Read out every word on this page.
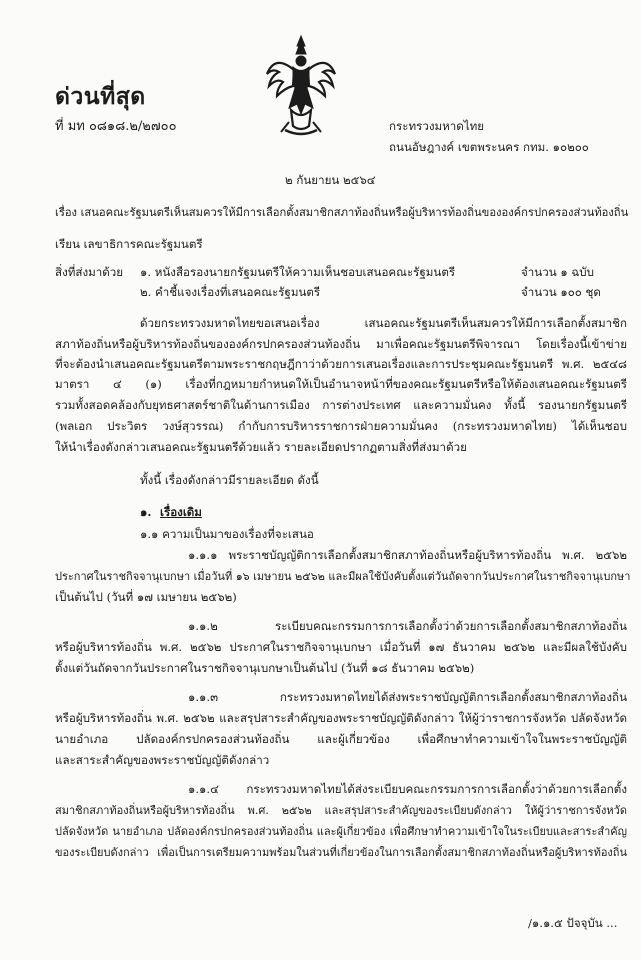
ด่วนที่สุด
ที่ มท ๐๘๑๘.๒/๒๗๐๐	กระทรวงมหาดไทย
ถนนอัษฎางค์ เขตพระนคร กทม. ๑๐๒๐๐
๒ กันยายน ๒๕๖๔
เรื่อง เสนอคณะรัฐมนตรีเห็นสมควรให้มีการเลือกตั้งสมาชิกสภาท้องถิ่นหรือผู้บริหารท้องถิ่นขององค์กรปกครองส่วนท้องถิ่น
เรียน เลขาธิการคณะรัฐมนตรี
สิ่งที่ส่งมาด้วย ๑. หนังสือรองนายกรัฐมนตรีให้ความเห็นชอบเสนอคณะรัฐมนตรี	จำนวน ๑ ฉบับ
๒. คำชี้แจงเรื่องที่เสนอคณะรัฐมนตรี	จำนวน ๑๐๐ ชุด
ด้วยกระทรวงมหาดไทยขอเสนอเรื่อง เสนอคณะรัฐมนตรีเห็นสมควรให้มีการเลือกตั้งสมาชิก
สภาท้องถิ่นหรือผู้บริหารท้องถิ่นขององค์กรปกครองส่วนท้องถิ่น มาเพื่อคณะรัฐมนตรีพิจารณา โดยเรื่องนี้เข้าข่าย
ที่จะต้องนำเสนอคณะรัฐมนตรีตามพระราชกฤษฎีกาว่าด้วยการเสนอเรื่องและการประชุมคณะรัฐมนตรี พ.ศ. ๒๕๔๘
มาตรา ๔ (๑) เรื่องที่กฎหมายกำหนดให้เป็นอำนาจหน้าที่ของคณะรัฐมนตรีหรือให้ต้องเสนอคณะรัฐมนตรี
รวมทั้งสอดคล้องกับยุทธศาสตร์ชาติในด้านการเมือง การต่างประเทศ และความมั่นคง ทั้งนี้ รองนายกรัฐมนตรี
(พลเอก ประวิตร วงษ์สุวรรณ) กำกับการบริหารราชการฝ่ายความมั่นคง (กระทรวงมหาดไทย) ได้เห็นชอบ
ให้นำเรื่องดังกล่าวเสนอคณะรัฐมนตรีด้วยแล้ว รายละเอียดปรากฏตามสิ่งที่ส่งมาด้วย
ทั้งนี้ เรื่องดังกล่าวมีรายละเอียด ดังนี้
๑. เรื่องเดิม
๑.๑ ความเป็นมาของเรื่องที่จะเสนอ
๑.๑.๑ พระราชบัญญัติการเลือกตั้งสมาชิกสภาท้องถิ่นหรือผู้บริหารท้องถิ่น พ.ศ. ๒๕๖๒
ประกาศในราชกิจจานุเบกษา เมื่อวันที่ ๑๖ เมษายน ๒๕๖๒ และมีผลใช้บังคับตั้งแต่วันถัดจากวันประกาศในราชกิจจานุเบกษา
เป็นต้นไป (วันที่ ๑๗ เมษายน ๒๕๖๒)
๑.๑.๒ ระเบียบคณะกรรมการการเลือกตั้งว่าด้วยการเลือกตั้งสมาชิกสภาท้องถิ่น
หรือผู้บริหารท้องถิ่น พ.ศ. ๒๕๖๒ ประกาศในราชกิจจานุเบกษา เมื่อวันที่ ๑๗ ธันวาคม ๒๕๖๒ และมีผลใช้บังคับ
ตั้งแต่วันถัดจากวันประกาศในราชกิจจานุเบกษาเป็นต้นไป (วันที่ ๑๘ ธันวาคม ๒๕๖๒)
๑.๑.๓ กระทรวงมหาดไทยได้ส่งพระราชบัญญัติการเลือกตั้งสมาชิกสภาท้องถิ่น
หรือผู้บริหารท้องถิ่น พ.ศ. ๒๕๖๒ และสรุปสาระสำคัญของพระราชบัญญัติดังกล่าว ให้ผู้ว่าราชการจังหวัด ปลัดจังหวัด
นายอำเภอ ปลัดองค์กรปกครองส่วนท้องถิ่น และผู้เกี่ยวข้อง เพื่อศึกษาทำความเข้าใจในพระราชบัญญัติ
และสาระสำคัญของพระราชบัญญัติดังกล่าว
๑.๑.๔ กระทรวงมหาดไทยได้ส่งระเบียบคณะกรรมการการเลือกตั้งว่าด้วยการเลือกตั้ง
สมาชิกสภาท้องถิ่นหรือผู้บริหารท้องถิ่น พ.ศ. ๒๕๖๒ และสรุปสาระสำคัญของระเบียบดังกล่าว ให้ผู้ว่าราชการจังหวัด
ปลัดจังหวัด นายอำเภอ ปลัดองค์กรปกครองส่วนท้องถิ่น และผู้เกี่ยวข้อง เพื่อศึกษาทำความเข้าใจในระเบียบและสาระสำคัญ
ของระเบียบดังกล่าว เพื่อเป็นการเตรียมความพร้อมในส่วนที่เกี่ยวข้องในการเลือกตั้งสมาชิกสภาท้องถิ่นหรือผู้บริหารท้องถิ่น
/๑.๑.๕ ปัจจุบัน ...
